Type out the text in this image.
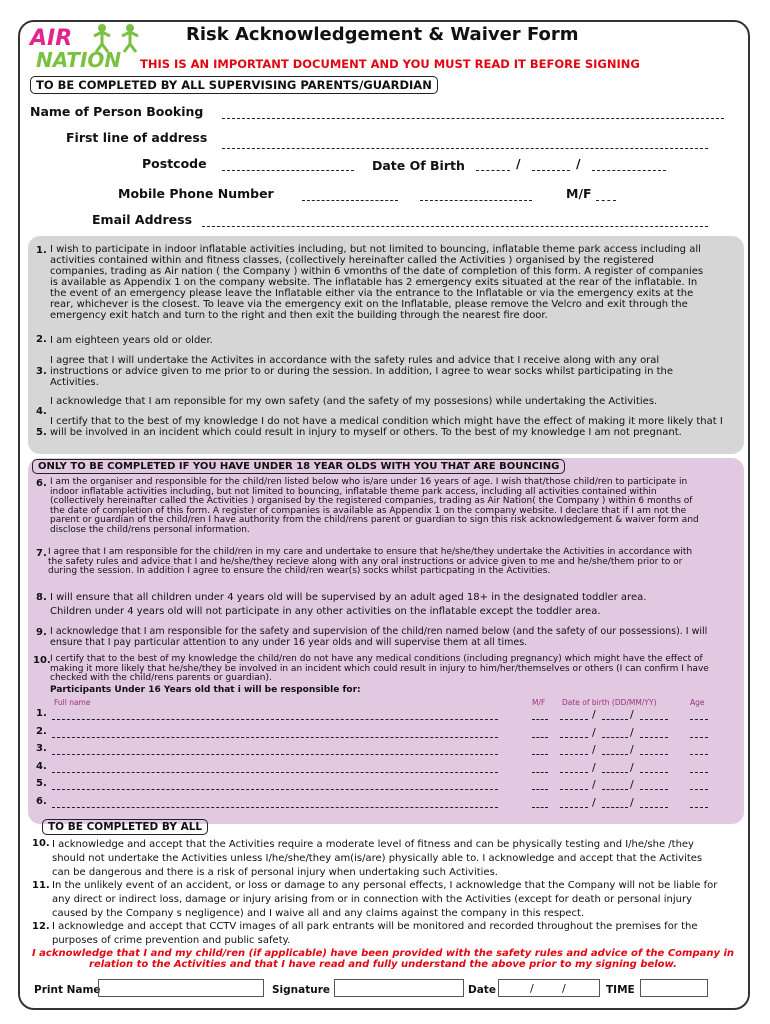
AIR
NATION
Risk Acknowledgement & Waiver Form
THIS IS AN IMPORTANT DOCUMENT AND YOU MUST READ IT BEFORE SIGNING
TO BE COMPLETED BY ALL SUPERVISING PARENTS/GUARDIAN
Name of Person Booking
First line of address
Postcode	Date Of Birth	/	/
Mobile Phone Number	M/F
Email Address
1. I wish to participate in indoor inflatable activities including, but not limited to bouncing, inflatable theme park access including all activities contained within and fitness classes, (collectively hereinafter called the Activities ) organised by the registered companies, trading as Air nation ( the Company ) within 6 vmonths of the date of completion of this form. A register of companies is available as Appendix 1 on the company website. The inflatable has 2 emergency exits situated at the rear of the inflatable. In the event of an emergency please leave the Inflatable either via the entrance to the Inflatable or via the emergency exits at the rear, whichever is the closest. To leave via the emergency exit on the Inflatable, please remove the Velcro and exit through the emergency exit hatch and turn to the right and then exit the building through the nearest fire door.
2. I am eighteen years old or older.
3.
I agree that I will undertake the Activites in accordance with the safety rules and advice that I receive along with any oral instructions or advice given to me prior to or during the session. In addition, I agree to wear socks whilst participating in the Activities.
4.
I acknowledge that I am reponsible for my own safety (and the safety of my possesions) while undertaking the Activities.
5.
I certify that to the best of my knowledge I do not have a medical condition which might have the effect of making it more likely that I will be involved in an incident which could result in injury to myself or others. To the best of my knowledge I am not pregnant.
ONLY TO BE COMPLETED IF YOU HAVE UNDER 18 YEAR OLDS WITH YOU THAT ARE BOUNCING
6. I am the organiser and responsible for the child/ren listed below who is/are under 16 years of age. I wish that/those child/ren to participate in indoor inflatable activities including, but not limited to bouncing, inflatable theme park access, including all activities contained within (collectively hereinafter called the Activities ) organised by the registered companies, trading as Air Nation( the Company ) within 6 months of the date of completion of this form. A register of companies is available as Appendix 1 on the company website. I declare that if I am not the parent or guardian of the child/ren I have authority from the child/rens parent or guardian to sign this risk acknowledgement & waiver form and disclose the child/rens personal information.
7. I agree that I am responsible for the child/ren in my care and undertake to ensure that he/she/they undertake the Activities in accordance with the safety rules and advice that I and he/she/they recieve along with any oral instructions or advice given to me and he/she/them prior to or during the session. In addition I agree to ensure the child/ren wear(s) socks whilst particpating in the Activities.
8. I will ensure that all children under 4 years old will be supervised by an adult aged 18+ in the designated toddler area.
Children under 4 years old will not participate in any other activities on the inflatable except the toddler area.
9. I acknowledge that I am responsible for the safety and supervision of the child/ren named below (and the safety of our possessions). I will ensure that I pay particular attention to any under 16 year olds and will supervise them at all times.
10. I certify that to the best of my knowledge the child/ren do not have any medical conditions (including pregnancy) which might have the effect of making it more likely that he/she/they be involved in an incident which could result in injury to him/her/themselves or others (I can confirm I have checked with the child/rens parents or guardian).
Participants Under 16 Years old that i will be responsible for:
Full name	M/F Date of birth (DD/MM/YY)	Age
1.	/	/
2.	/	/
3.	/	/
4.	/	/
5.	/	/
6.	/	/
TO BE COMPLETED BY ALL
10. I acknowledge and accept that the Activities require a moderate level of fitness and can be physically testing and I/he/she /they should not undertake the Activities unless I/he/she/they am(is/are) physically able to. I acknowledge and accept that the Activites can be dangerous and there is a risk of personal injury when undertaking such Activities.
11. In the unlikely event of an accident, or loss or damage to any personal effects, I acknowledge that the Company will not be liable for any direct or indirect loss, damage or injury arising from or in connection with the Activities (except for death or personal injury caused by the Company s negligence) and I waive all and any claims against the company in this respect.
12. I acknowledge and accept that CCTV images of all park entrants will be monitored and recorded throughout the premises for the purposes of crime prevention and public safety.
I acknowledge that I and my child/ren (if applicable) have been provided with the safety rules and advice of the Company in relation to the Activities and that I have read and fully understand the above prior to my signing below.
Print Name	Signature	Date	/	/	TIME
